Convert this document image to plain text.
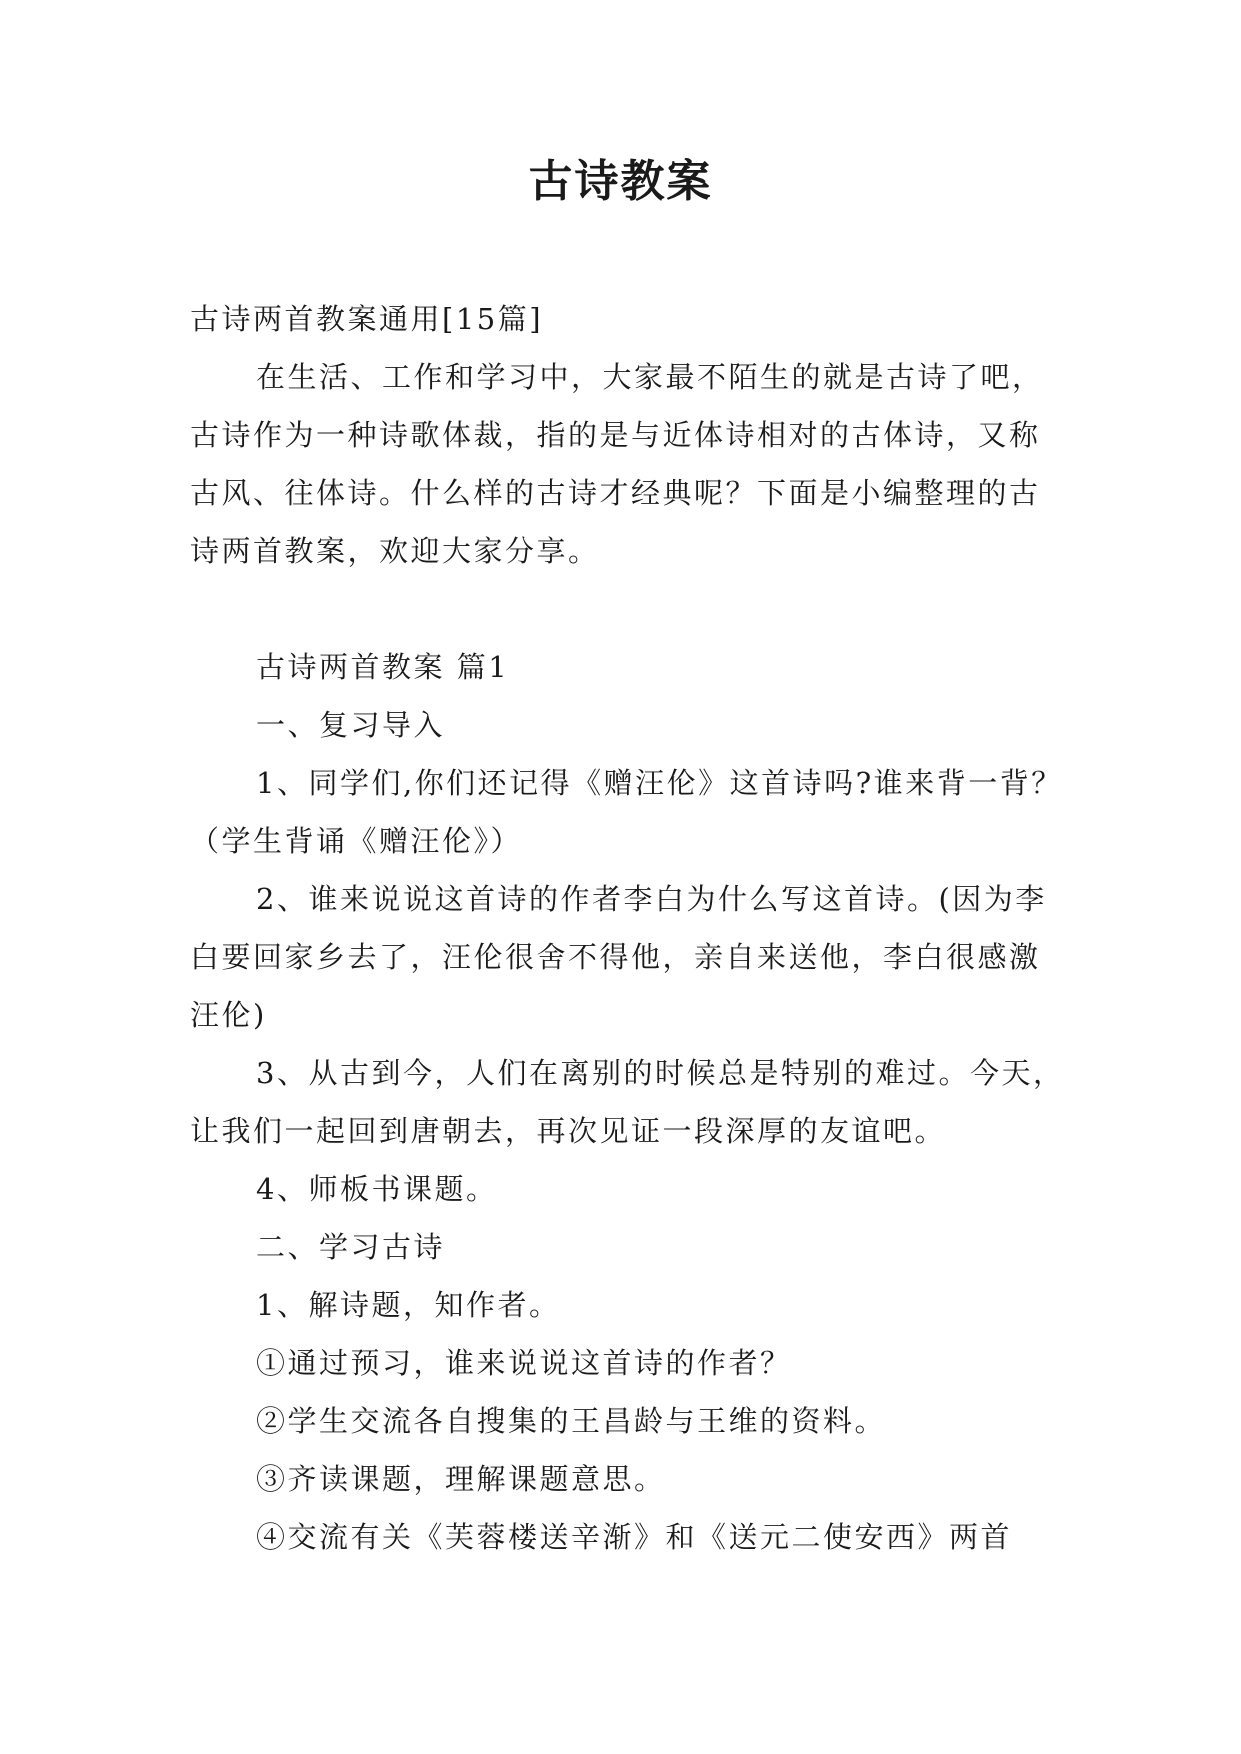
古诗教案

古诗两首教案通用[15篇]

在生活、工作和学习中，大家最不陌生的就是古诗了吧，古诗作为一种诗歌体裁，指的是与近体诗相对的古体诗，又称古风、往体诗。什么样的古诗才经典呢？下面是小编整理的古诗两首教案，欢迎大家分享。

古诗两首教案 篇1

一、复习导入

1、同学们,你们还记得《赠汪伦》这首诗吗?谁来背一背？（学生背诵《赠汪伦》）

2、谁来说说这首诗的作者李白为什么写这首诗。(因为李白要回家乡去了，汪伦很舍不得他，亲自来送他，李白很感激汪伦)

3、从古到今，人们在离别的时候总是特别的难过。今天，让我们一起回到唐朝去，再次见证一段深厚的友谊吧。

4、师板书课题。

二、学习古诗

1、解诗题，知作者。

①通过预习，谁来说说这首诗的作者？

②学生交流各自搜集的王昌龄与王维的资料。

③齐读课题，理解课题意思。

④交流有关《芙蓉楼送辛渐》和《送元二使安西》两首
